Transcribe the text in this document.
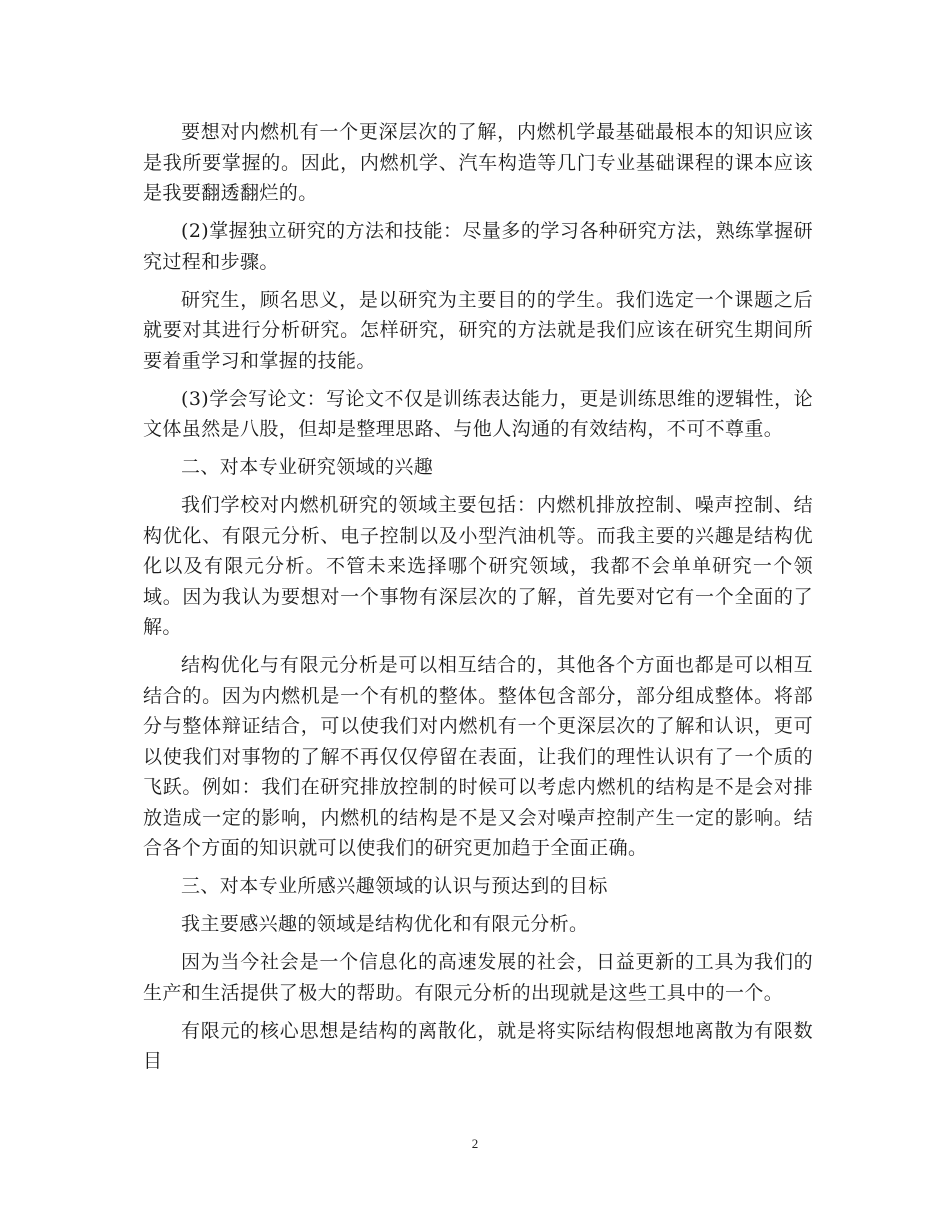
要想对内燃机有一个更深层次的了解，内燃机学最基础最根本的知识应该是我所要掌握的。因此，内燃机学、汽车构造等几门专业基础课程的课本应该是我要翻透翻烂的。

(2)掌握独立研究的方法和技能：尽量多的学习各种研究方法，熟练掌握研究过程和步骤。

研究生，顾名思义，是以研究为主要目的的学生。我们选定一个课题之后就要对其进行分析研究。怎样研究，研究的方法就是我们应该在研究生期间所要着重学习和掌握的技能。

(3)学会写论文：写论文不仅是训练表达能力，更是训练思维的逻辑性，论文体虽然是八股，但却是整理思路、与他人沟通的有效结构，不可不尊重。

二、对本专业研究领域的兴趣

我们学校对内燃机研究的领域主要包括：内燃机排放控制、噪声控制、结构优化、有限元分析、电子控制以及小型汽油机等。而我主要的兴趣是结构优化以及有限元分析。不管未来选择哪个研究领域，我都不会单单研究一个领域。因为我认为要想对一个事物有深层次的了解，首先要对它有一个全面的了解。

结构优化与有限元分析是可以相互结合的，其他各个方面也都是可以相互结合的。因为内燃机是一个有机的整体。整体包含部分，部分组成整体。将部分与整体辩证结合，可以使我们对内燃机有一个更深层次的了解和认识，更可以使我们对事物的了解不再仅仅停留在表面，让我们的理性认识有了一个质的飞跃。例如：我们在研究排放控制的时候可以考虑内燃机的结构是不是会对排放造成一定的影响，内燃机的结构是不是又会对噪声控制产生一定的影响。结合各个方面的知识就可以使我们的研究更加趋于全面正确。

三、对本专业所感兴趣领域的认识与预达到的目标

我主要感兴趣的领域是结构优化和有限元分析。

因为当今社会是一个信息化的高速发展的社会，日益更新的工具为我们的生产和生活提供了极大的帮助。有限元分析的出现就是这些工具中的一个。

有限元的核心思想是结构的离散化，就是将实际结构假想地离散为有限数目

2
